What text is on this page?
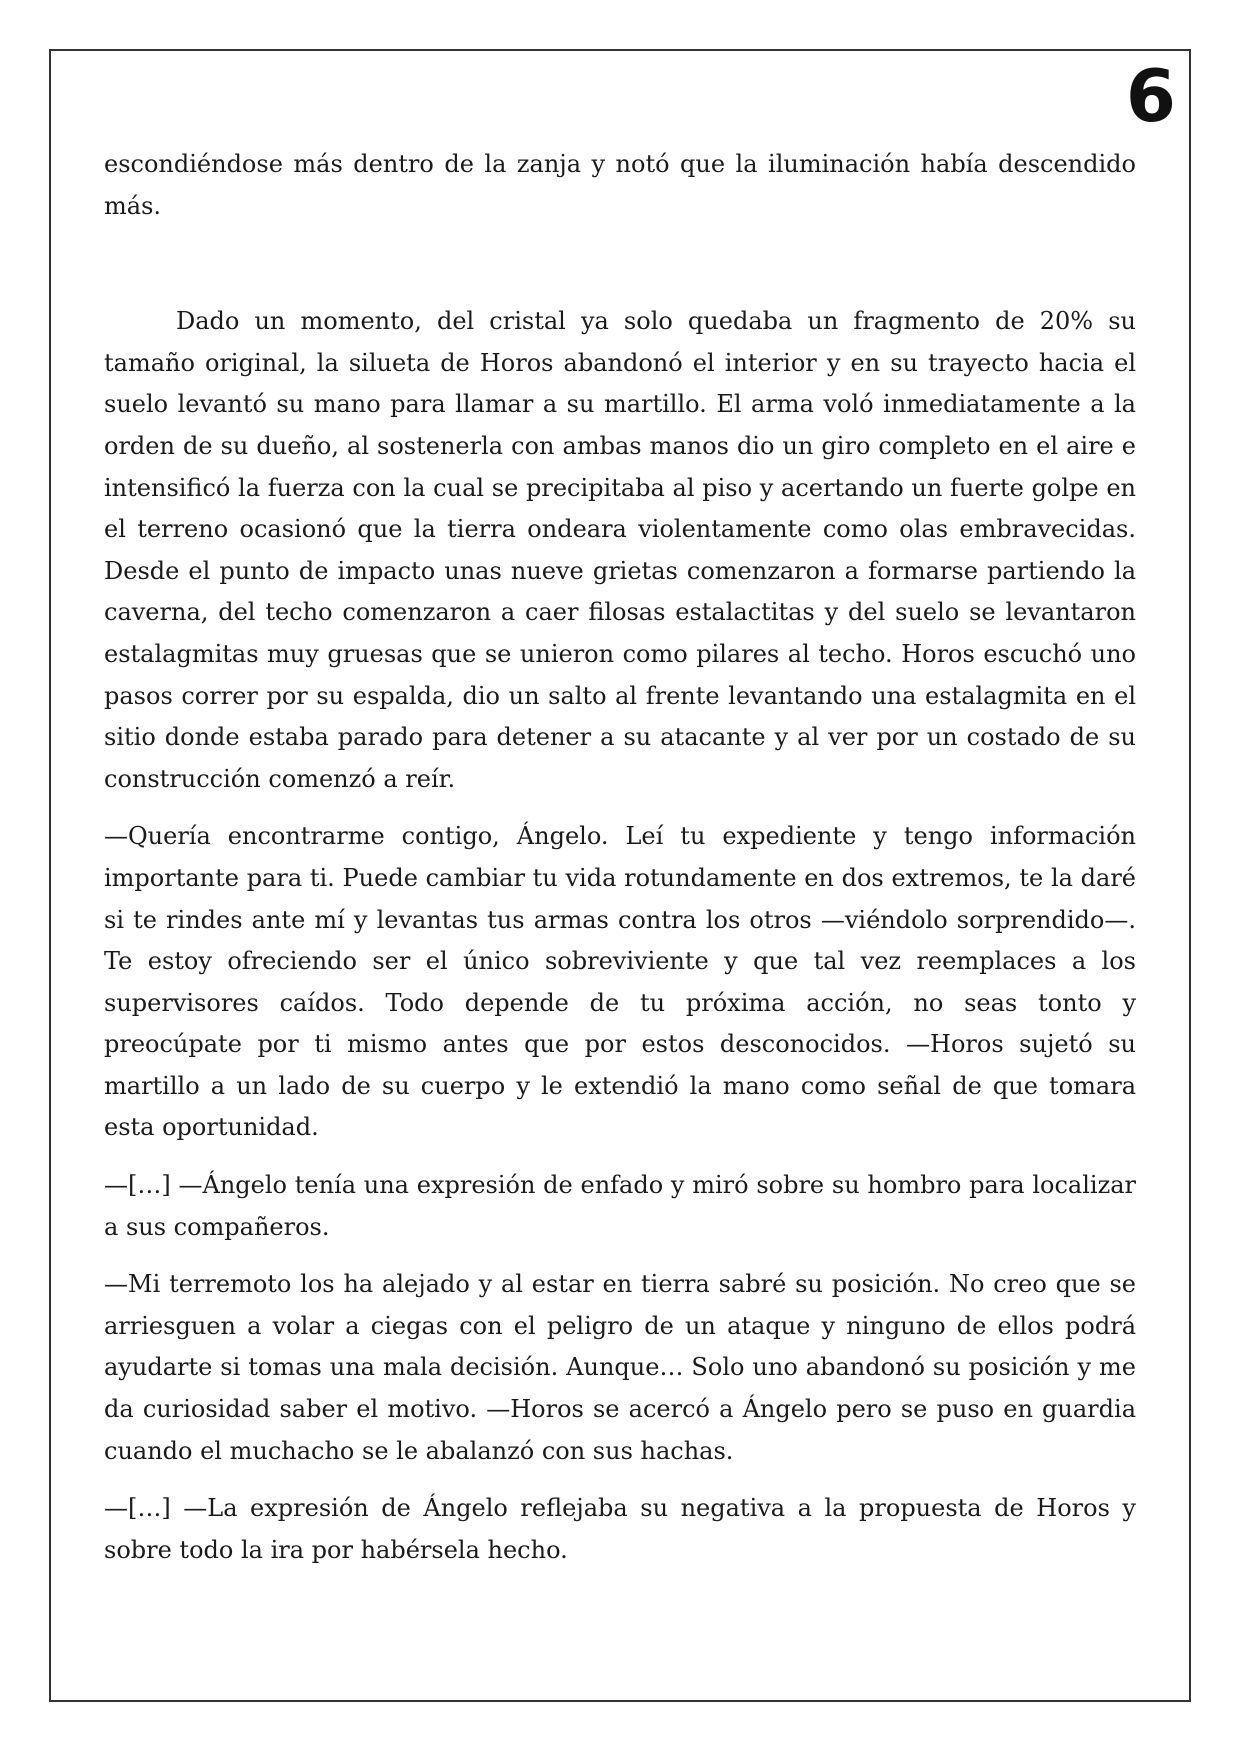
6

escondiéndose más dentro de la zanja y notó que la iluminación había descendido más.

Dado un momento, del cristal ya solo quedaba un fragmento de 20% su tamaño original, la silueta de Horos abandonó el interior y en su trayecto hacia el suelo levantó su mano para llamar a su martillo. El arma voló inmediatamente a la orden de su dueño, al sostenerla con ambas manos dio un giro completo en el aire e intensificó la fuerza con la cual se precipitaba al piso y acertando un fuerte golpe en el terreno ocasionó que la tierra ondeara violentamente como olas embravecidas. Desde el punto de impacto unas nueve grietas comenzaron a formarse partiendo la caverna, del techo comenzaron a caer filosas estalactitas y del suelo se levantaron estalagmitas muy gruesas que se unieron como pilares al techo. Horos escuchó uno pasos correr por su espalda, dio un salto al frente levantando una estalagmita en el sitio donde estaba parado para detener a su atacante y al ver por un costado de su construcción comenzó a reír.

—Quería encontrarme contigo, Ángelo. Leí tu expediente y tengo información importante para ti. Puede cambiar tu vida rotundamente en dos extremos, te la daré si te rindes ante mí y levantas tus armas contra los otros —viéndolo sorprendido—. Te estoy ofreciendo ser el único sobreviviente y que tal vez reemplaces a los supervisores caídos. Todo depende de tu próxima acción, no seas tonto y preocúpate por ti mismo antes que por estos desconocidos. —Horos sujetó su martillo a un lado de su cuerpo y le extendió la mano como señal de que tomara esta oportunidad.

—[…] —Ángelo tenía una expresión de enfado y miró sobre su hombro para localizar a sus compañeros.

—Mi terremoto los ha alejado y al estar en tierra sabré su posición. No creo que se arriesguen a volar a ciegas con el peligro de un ataque y ninguno de ellos podrá ayudarte si tomas una mala decisión. Aunque… Solo uno abandonó su posición y me da curiosidad saber el motivo. —Horos se acercó a Ángelo pero se puso en guardia cuando el muchacho se le abalanzó con sus hachas.

—[…] —La expresión de Ángelo reflejaba su negativa a la propuesta de Horos y sobre todo la ira por habérsela hecho.
